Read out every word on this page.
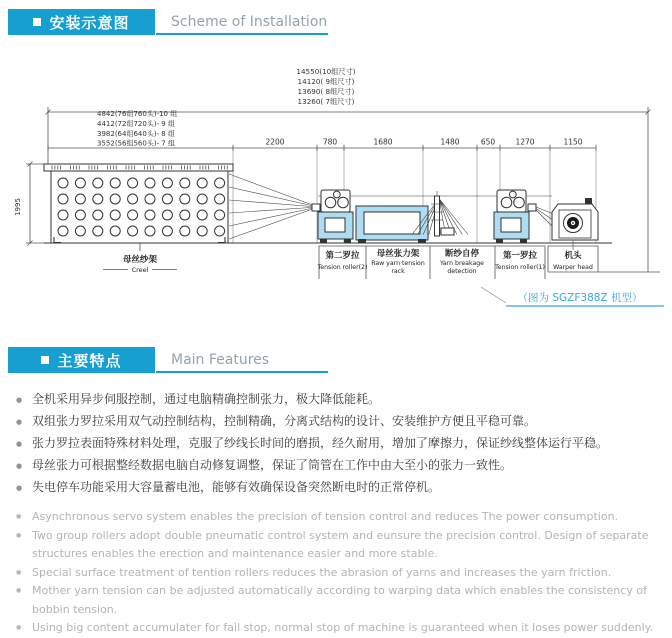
14550(10组尺寸)
14120( 9组尺寸)
13690( 8组尺寸)
13260( 7组尺寸)
4842(76组760头)-10 组
4412(72组720头)- 9 组
3982(64组640头)- 8 组
3552(56组560头)- 7 组	2200	780	1680	1480	650	1270	1150
1995
母丝纱架
Creel
第二罗拉
Tension roller(2)
母丝张力架
Raw yarn tension
rack
断纱自停
Yarn breakage
detection
第一罗拉
Tension roller(1)
机头
Warper head
（图为 SGZF388Z 机型）
安装示意图	Scheme of Installation
主要特点	Main Features
● 全机采用异步伺服控制，通过电脑精确控制张力，极大降低能耗。
● 双组张力罗拉采用双气动控制结构，控制精确，分离式结构的设计、安装维护方便且平稳可靠。
● 张力罗拉表面特殊材料处理，克服了纱线长时间的磨损，经久耐用，增加了摩擦力，保证纱线整体运行平稳。
● 母丝张力可根据整经数据电脑自动修复调整，保证了筒管在工作中由大至小的张力一致性。
● 失电停车功能采用大容量蓄电池，能够有效确保设备突然断电时的正常停机。
● Asynchronous servo system enables the precision of tension control and reduces The power consumption.
● Two group rollers adopt double pneumatic control system and eunsure the precision control. Design of separate structures enables the erection and maintenance easier and more stable.
● Special surface treatment of tention rollers reduces the abrasion of yarns and increases the yarn friction.
● Mother yarn tension can be adjusted automatically according to warping data which enables the consistency of bobbin tension.
● Using big content accumulater for fail stop, normal stop of machine is guaranteed when it loses power suddenly.
